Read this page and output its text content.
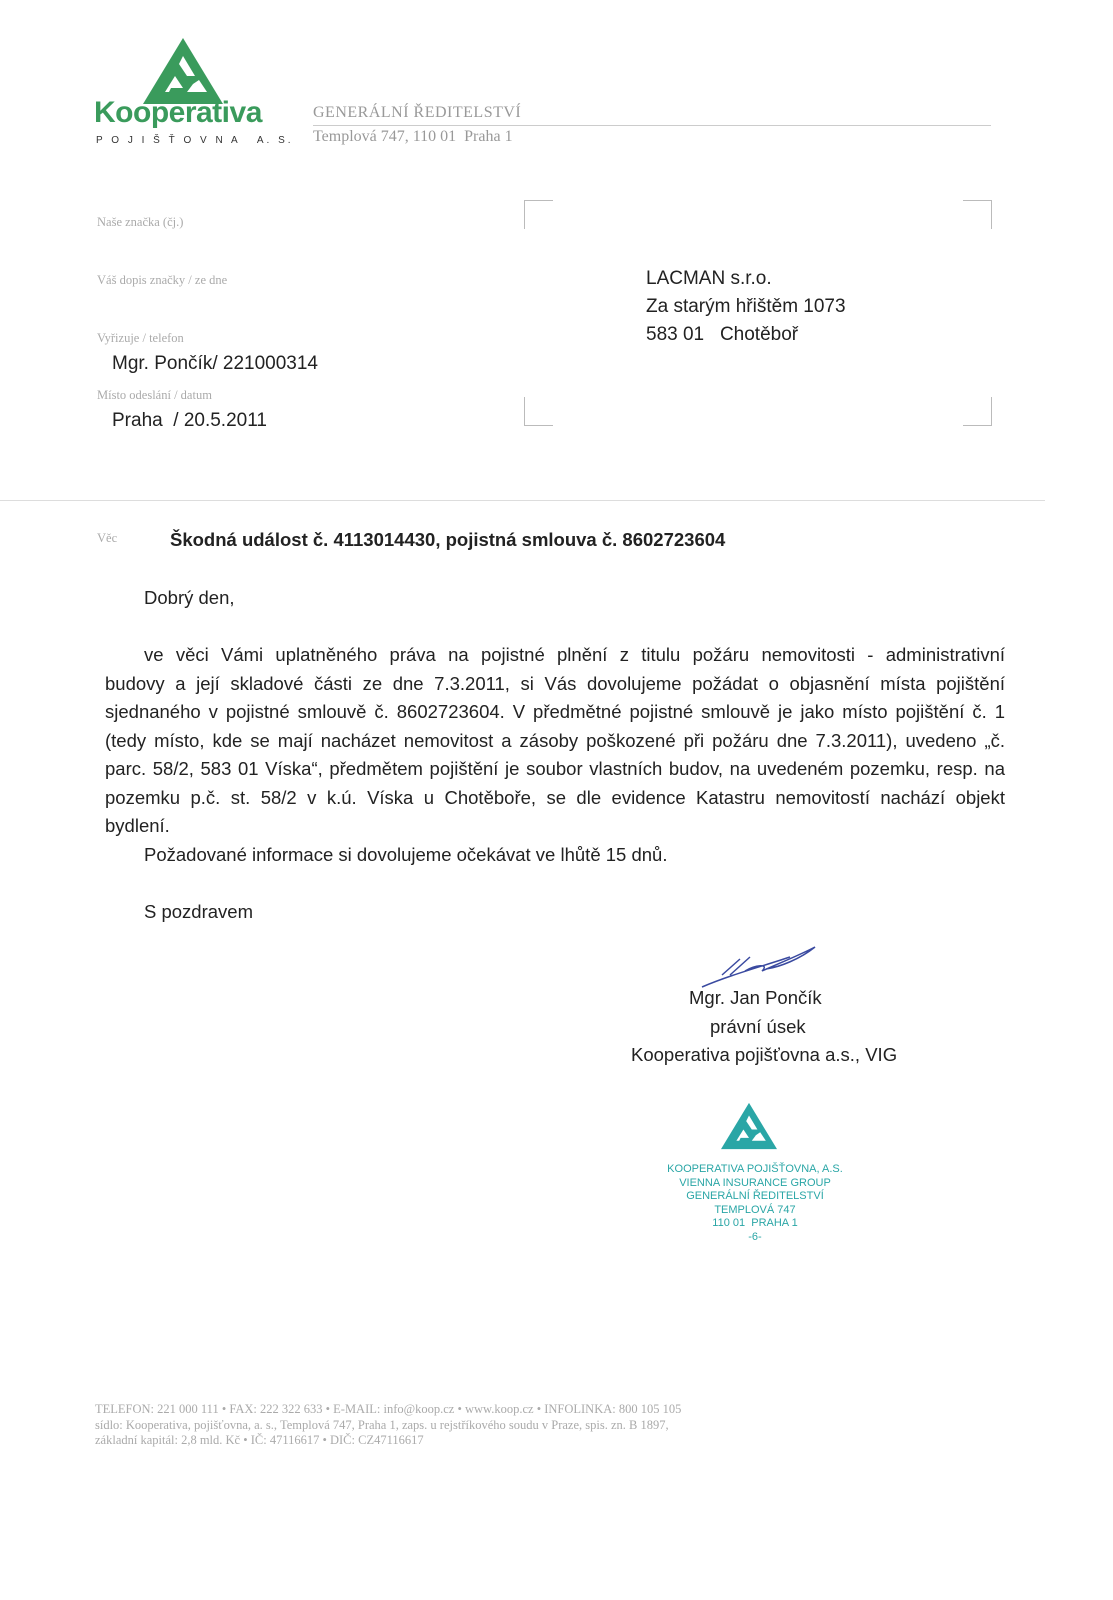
Kooperativa
P O J I Š Ť O V N A   A. S.
GENERÁLNÍ ŘEDITELSTVÍ
Templová 747, 110 01  Praha 1
Naše značka (čj.)
Váš dopis značky / ze dne
Vyřizuje / telefon
Mgr. Pončík/ 221000314
Místo odeslání / datum
Praha  / 20.5.2011
LACMAN s.r.o.
Za starým hřištěm 1073
583 01   Chotěboř
Věc	Škodná událost č. 4113014430, pojistná smlouva č. 8602723604
Dobrý den,
ve věci Vámi uplatněného práva na pojistné plnění z titulu požáru nemovitosti - administrativní
budovy a její skladové části ze dne 7.3.2011, si Vás dovolujeme požádat o objasnění místa pojištění
sjednaného v pojistné smlouvě č. 8602723604. V předmětné pojistné smlouvě je jako místo pojištění č. 1
(tedy místo, kde se mají nacházet nemovitost a zásoby poškozené při požáru dne 7.3.2011), uvedeno „č.
parc. 58/2, 583 01 Víska“, předmětem pojištění je soubor vlastních budov, na uvedeném pozemku, resp. na
pozemku p.č. st. 58/2 v k.ú. Víska u Chotěboře, se dle evidence Katastru nemovitostí nachází objekt
bydlení.
Požadované informace si dovolujeme očekávat ve lhůtě 15 dnů.
S pozdravem
Mgr. Jan Pončík
právní úsek
Kooperativa pojišťovna a.s., VIG
KOOPERATIVA POJIŠŤOVNA, A.S.
VIENNA INSURANCE GROUP
GENERÁLNÍ ŘEDITELSTVÍ
TEMPLOVÁ 747
110 01  PRAHA 1
-6-
TELEFON: 221 000 111 • FAX: 222 322 633 • E-MAIL: info@koop.cz • www.koop.cz • INFOLINKA: 800 105 105
sídlo: Kooperativa, pojišťovna, a. s., Templová 747, Praha 1, zaps. u rejstříkového soudu v Praze, spis. zn. B 1897,
základní kapitál: 2,8 mld. Kč • IČ: 47116617 • DIČ: CZ47116617
